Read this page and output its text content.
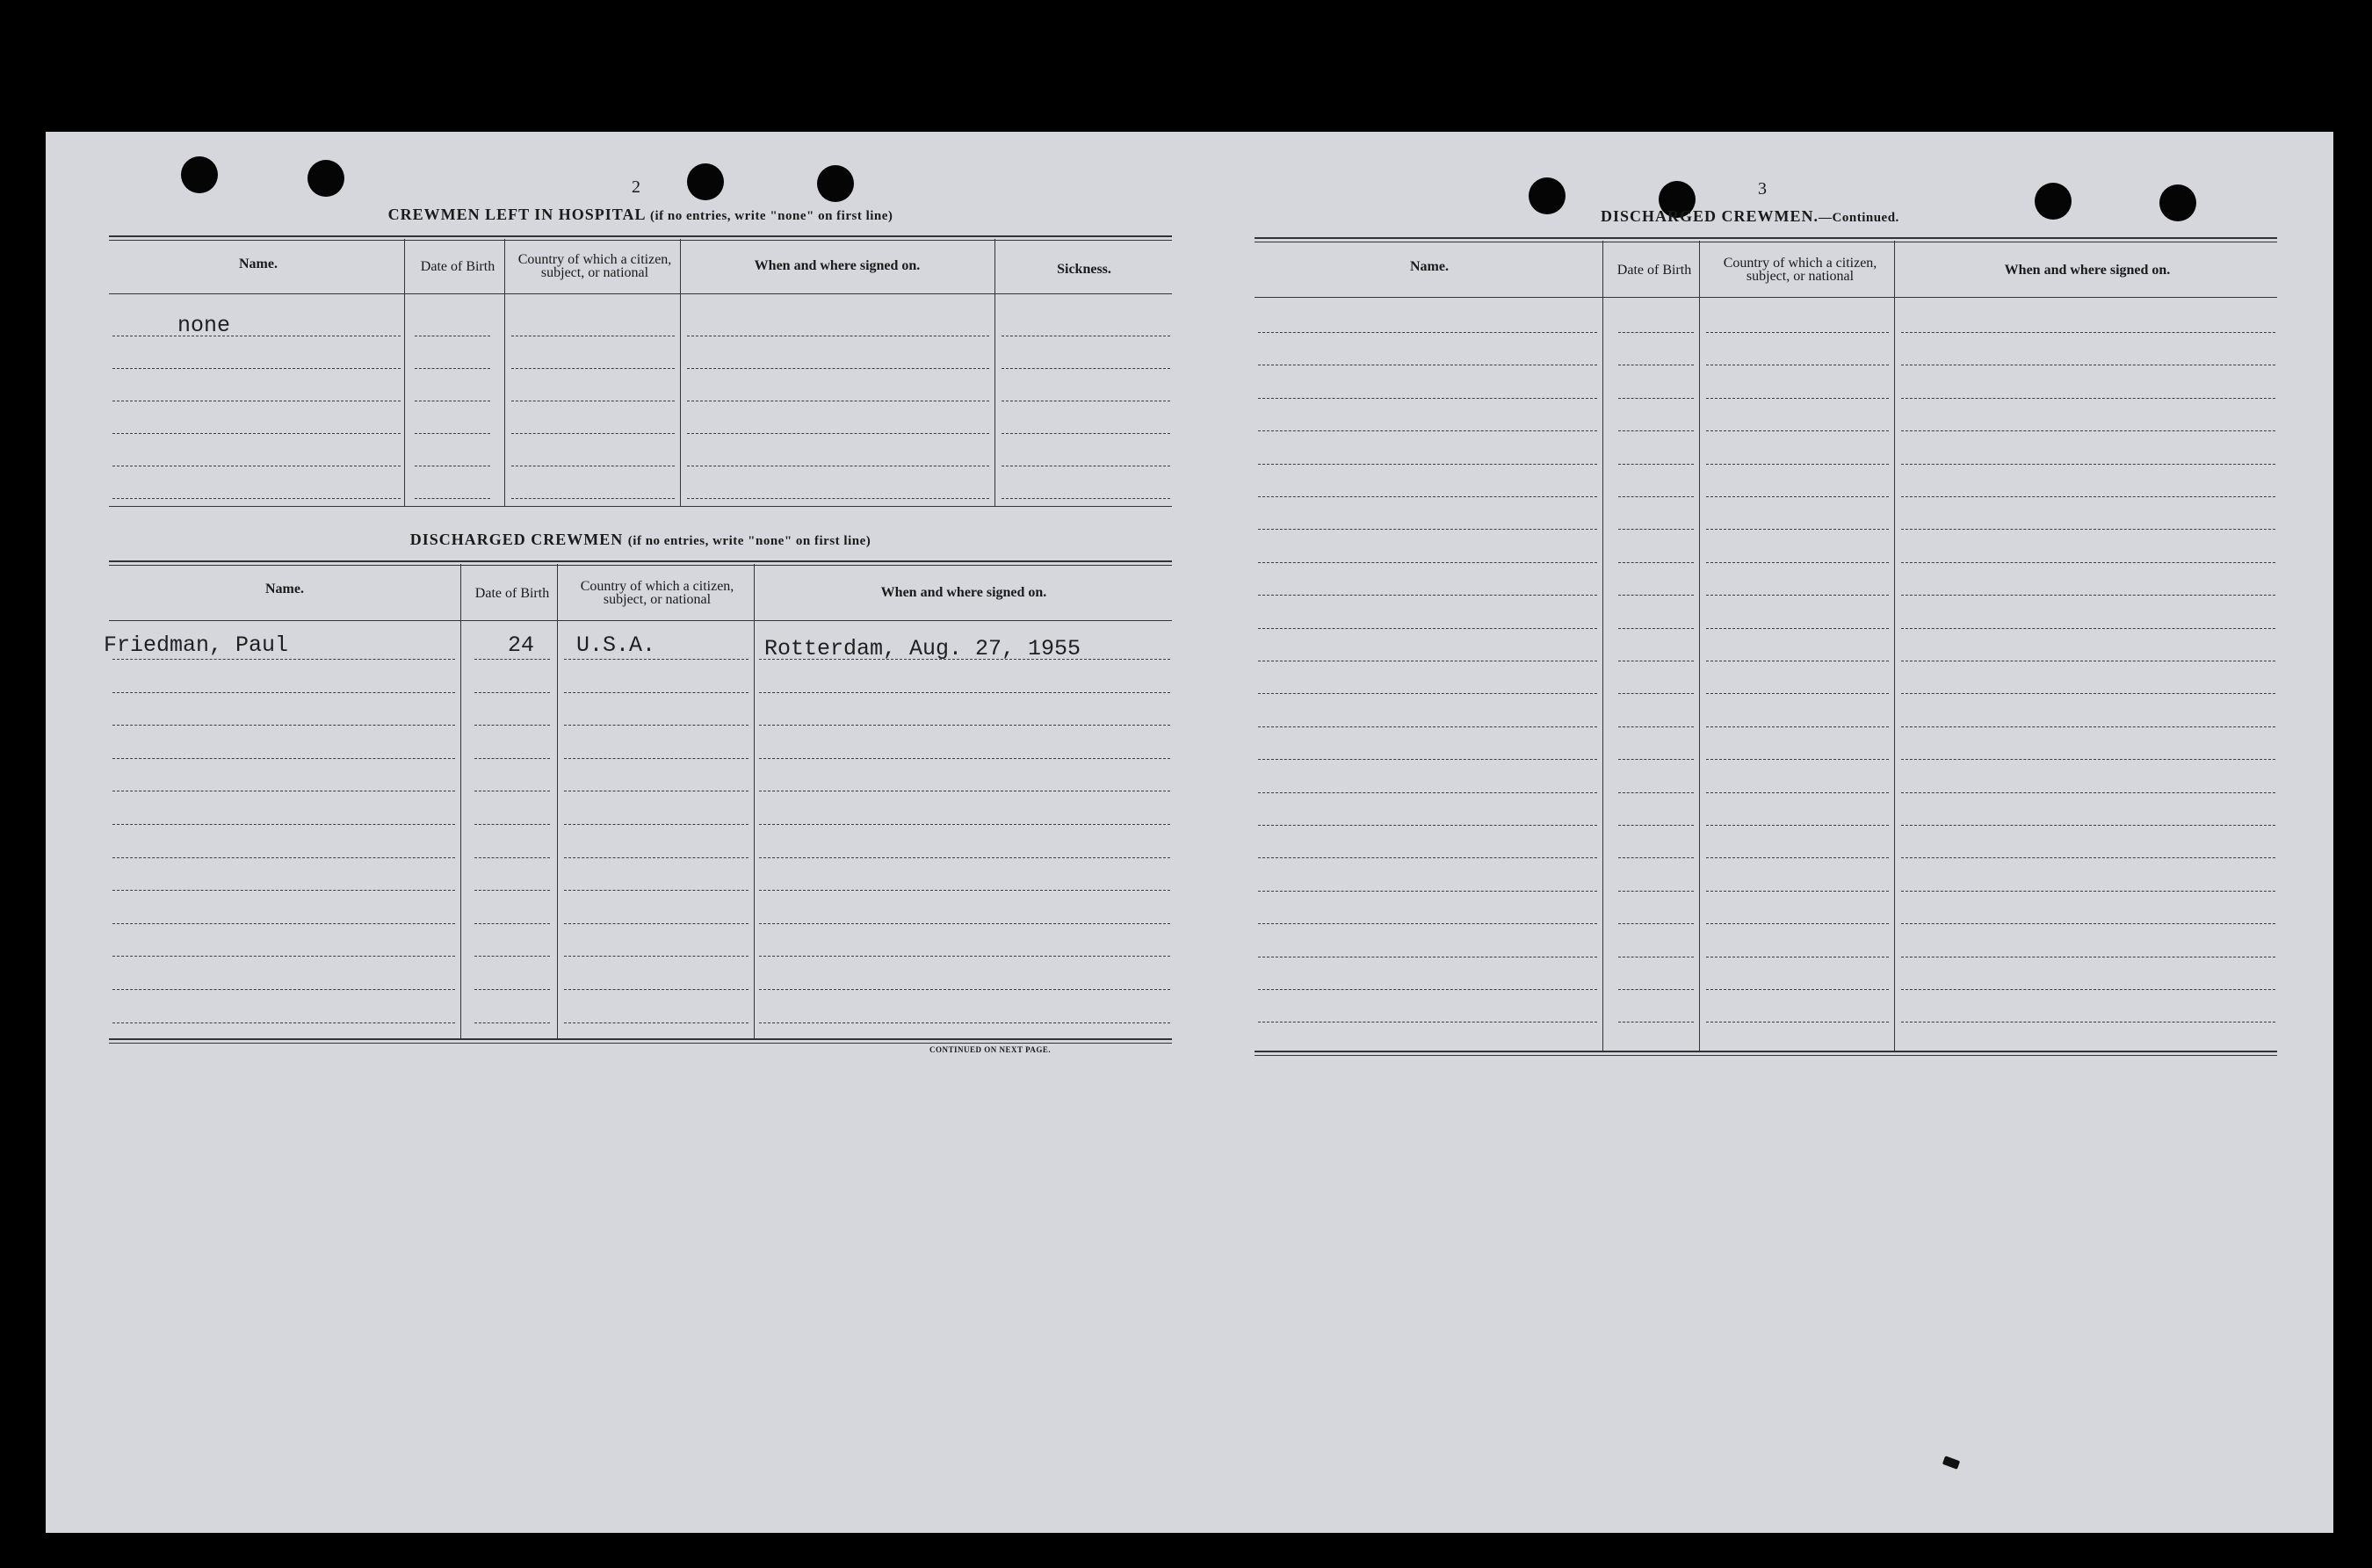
2
CREWMEN LEFT IN HOSPITAL (if no entries, write "none" on first line)
Name.	Date of Birth	Country of which a citizen, subject, or national	When and where signed on.	Sickness.
none
DISCHARGED CREWMEN (if no entries, write "none" on first line)
Name.	Date of Birth	Country of which a citizen, subject, or national	When and where signed on.
Friedman, Paul	24 U.S.A.	Rotterdam, Aug. 27, 1955
CONTINUED ON NEXT PAGE.
3
DISCHARGED CREWMEN.—Continued.
Name.	Date of Birth	Country of which a citizen, subject, or national	When and where signed on.
